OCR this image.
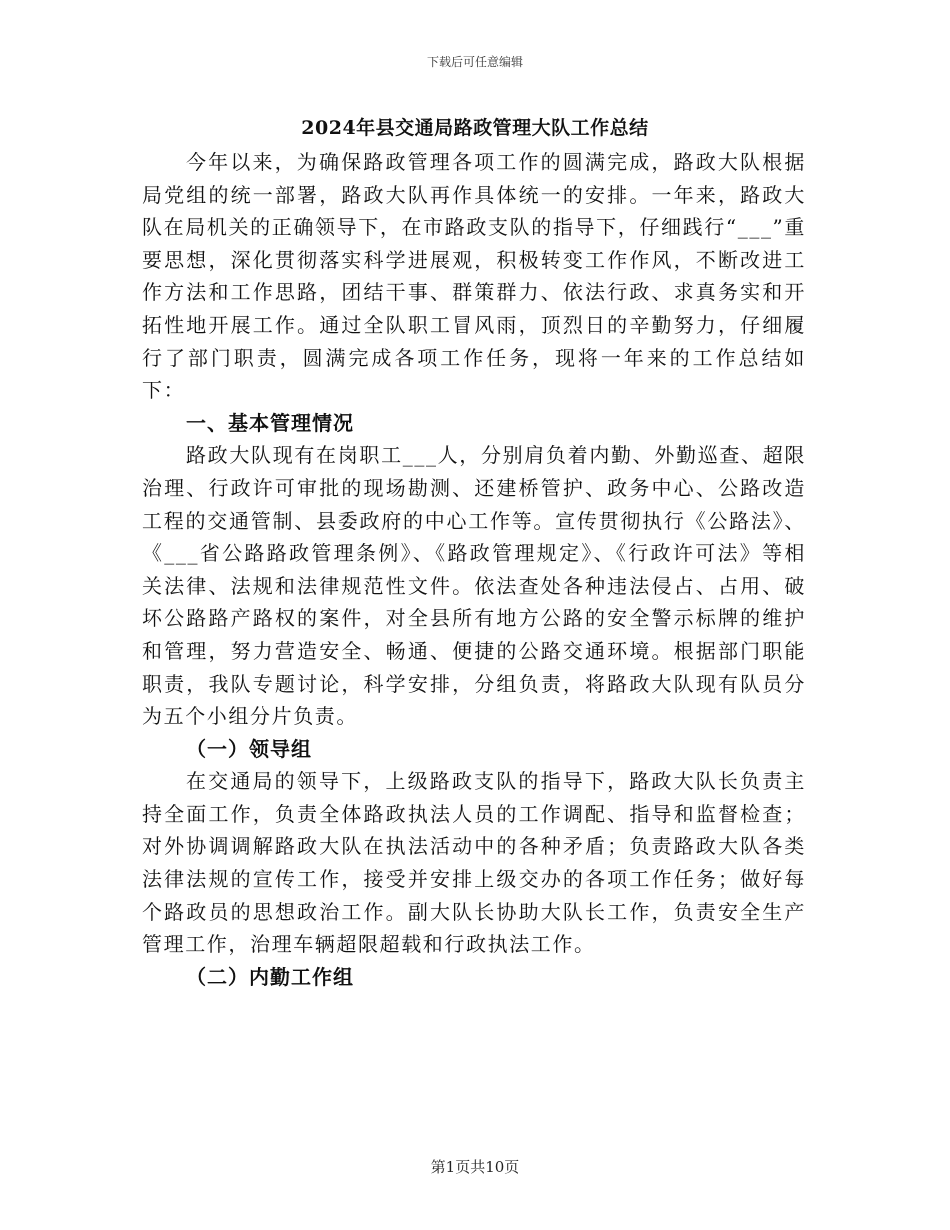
下载后可任意编辑
2024年县交通局路政管理大队工作总结

今年以来，为确保路政管理各项工作的圆满完成，路政大队根据局党组的统一部署，路政大队再作具体统一的安排。一年来，路政大队在局机关的正确领导下，在市路政支队的指导下，仔细践行“___”重要思想，深化贯彻落实科学进展观，积极转变工作作风，不断改进工作方法和工作思路，团结干事、群策群力、依法行政、求真务实和开拓性地开展工作。通过全队职工冒风雨，顶烈日的辛勤努力，仔细履行了部门职责，圆满完成各项工作任务，现将一年来的工作总结如下：

一、基本管理情况

路政大队现有在岗职工___人，分别肩负着内勤、外勤巡查、超限治理、行政许可审批的现场勘测、还建桥管护、政务中心、公路改造工程的交通管制、县委政府的中心工作等。宣传贯彻执行《公路法》、《___省公路路政管理条例》、《路政管理规定》、《行政许可法》等相关法律、法规和法律规范性文件。依法查处各种违法侵占、占用、破坏公路路产路权的案件，对全县所有地方公路的安全警示标牌的维护和管理，努力营造安全、畅通、便捷的公路交通环境。根据部门职能职责，我队专题讨论，科学安排，分组负责，将路政大队现有队员分为五个小组分片负责。

（一）领导组

在交通局的领导下，上级路政支队的指导下，路政大队长负责主持全面工作，负责全体路政执法人员的工作调配、指导和监督检查；对外协调调解路政大队在执法活动中的各种矛盾；负责路政大队各类法律法规的宣传工作，接受并安排上级交办的各项工作任务；做好每个路政员的思想政治工作。副大队长协助大队长工作，负责安全生产管理工作，治理车辆超限超载和行政执法工作。

（二）内勤工作组

第1页共10页
